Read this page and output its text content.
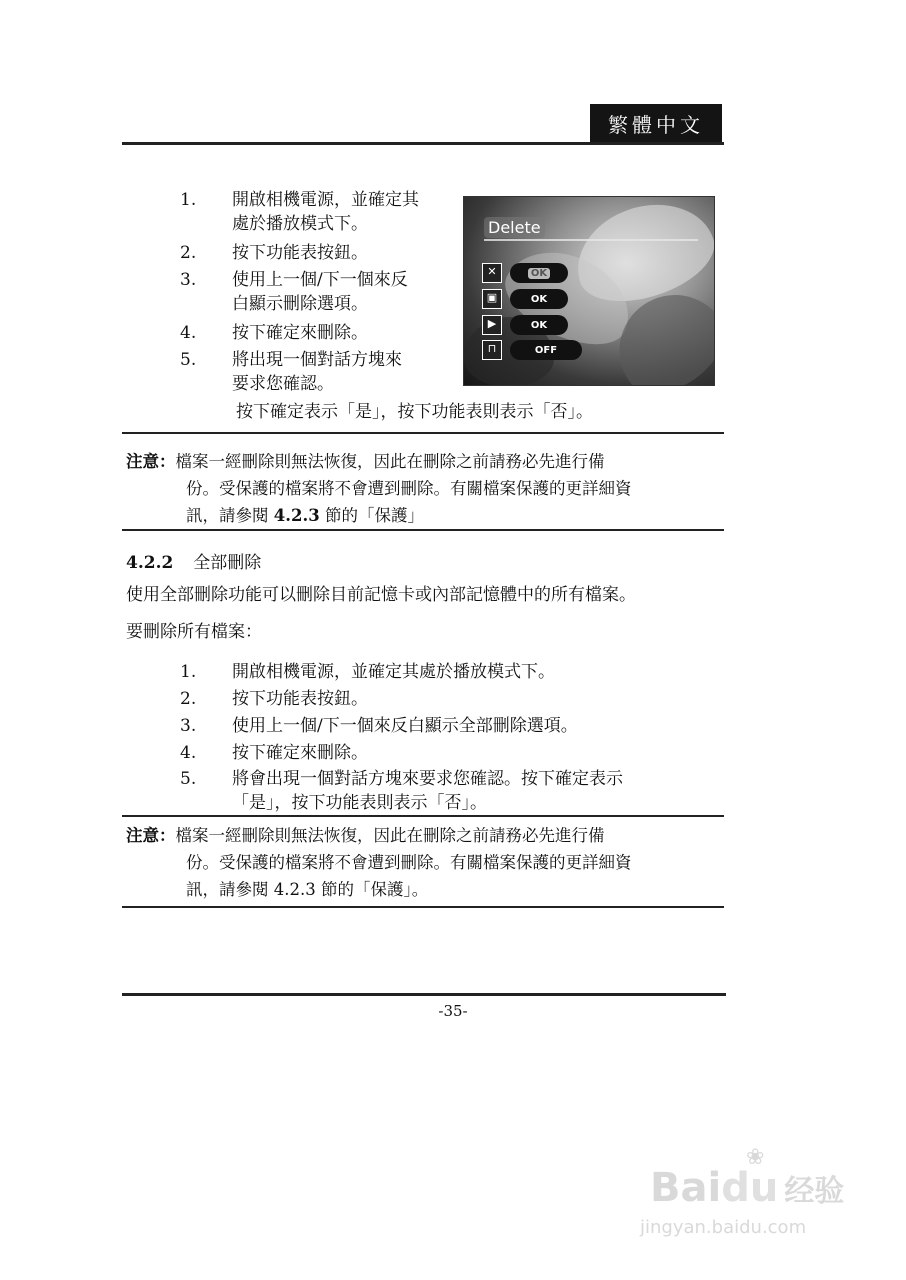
繁體中文
1. 開啟相機電源，並確定其
處於播放模式下。
2. 按下功能表按鈕。
3. 使用上一個/下一個來反
白顯示刪除選項。
4. 按下確定來刪除。
5. 將出現一個對話方塊來
要求您確認。
按下確定表示「是」，按下功能表則表示「否」。
Delete
✕	OK
▣	OK
▶	OK
⊓	OFF
注意：檔案一經刪除則無法恢復，因此在刪除之前請務必先進行備
份。受保護的檔案將不會遭到刪除。有關檔案保護的更詳細資
訊，請參閱 4.2.3 節的「保護」
4.2.2 全部刪除
使用全部刪除功能可以刪除目前記憶卡或內部記憶體中的所有檔案。
要刪除所有檔案：
1. 開啟相機電源，並確定其處於播放模式下。
2. 按下功能表按鈕。
3. 使用上一個/下一個來反白顯示全部刪除選項。
4. 按下確定來刪除。
5. 將會出現一個對話方塊來要求您確認。按下確定表示
「是」，按下功能表則表示「否」。
注意：檔案一經刪除則無法恢復，因此在刪除之前請務必先進行備
份。受保護的檔案將不會遭到刪除。有關檔案保護的更詳細資
訊，請參閱 4.2.3 節的「保護」。
-35-
Baidu 经验
❀
jingyan.baidu.com
